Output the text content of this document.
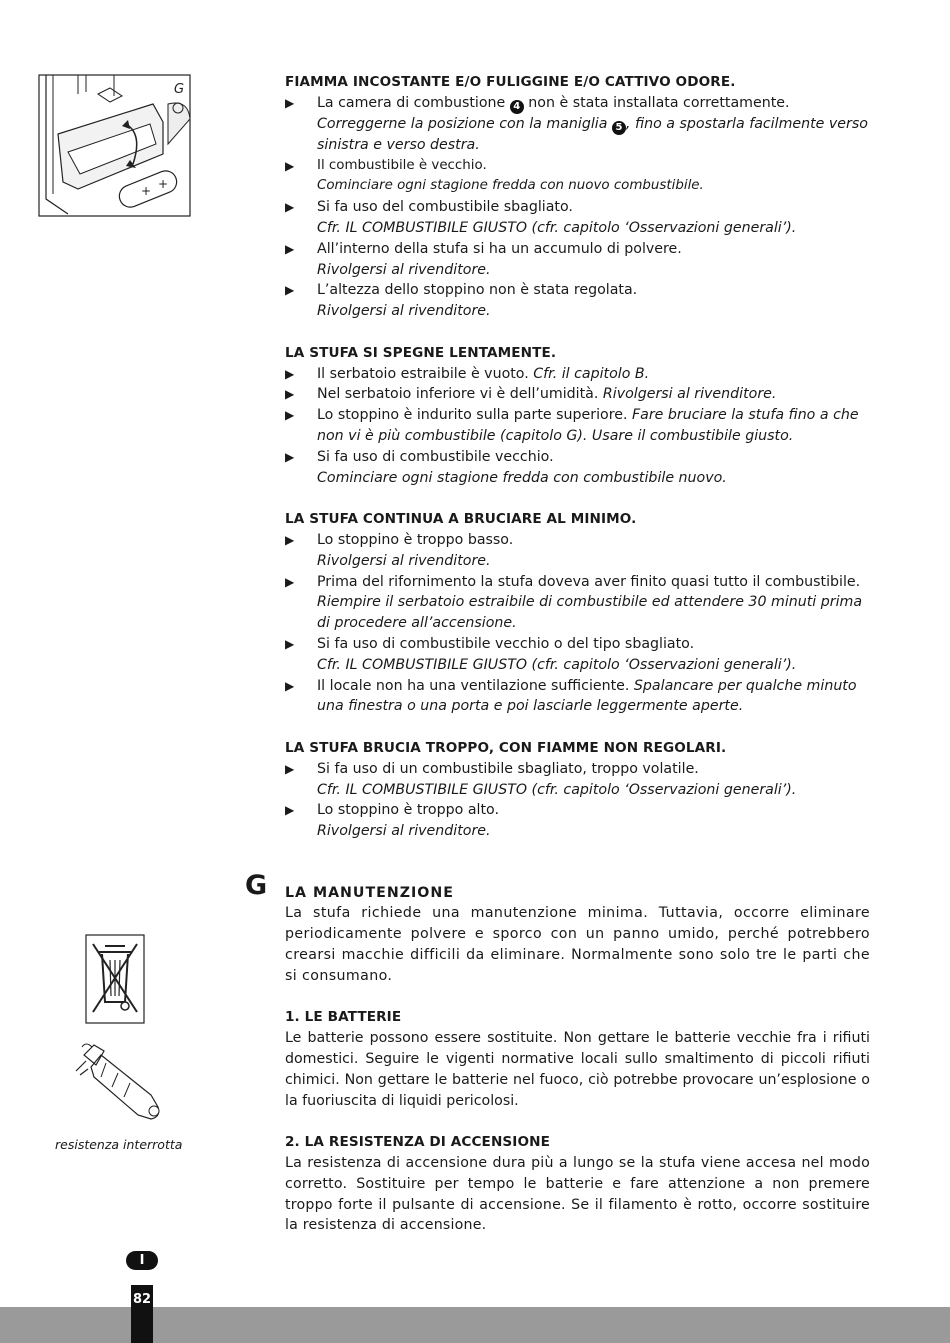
+ +
G
resistenza interrotta
FIAMMA INCOSTANTE E/O FULIGGINE E/O CATTIVO ODORE.
▶ La camera di combustione 4 non è stata installata correttamente.
Correggerne la posizione con la maniglia 5 , fino a spostarla facilmente verso sinistra e verso destra.
▶ Il combustibile è vecchio.
Cominciare ogni stagione fredda con nuovo combustibile.
▶ Si fa uso del combustibile sbagliato.
Cfr. IL COMBUSTIBILE GIUSTO (cfr. capitolo ‘Osservazioni generali’).
▶ All’interno della stufa si ha un accumulo di polvere.
Rivolgersi al rivenditore.
▶ L’altezza dello stoppino non è stata regolata.
Rivolgersi al rivenditore.
LA STUFA SI SPEGNE LENTAMENTE.
▶ Il serbatoio estraibile è vuoto. Cfr. il capitolo B.
▶ Nel serbatoio inferiore vi è dell’umidità. Rivolgersi al rivenditore.
▶ Lo stoppino è indurito sulla parte superiore. Fare bruciare la stufa fino a che non vi è più combustibile (capitolo G). Usare il combustibile giusto.
▶ Si fa uso di combustibile vecchio.
Cominciare ogni stagione fredda con combustibile nuovo.
LA STUFA CONTINUA A BRUCIARE AL MINIMO.
▶ Lo stoppino è troppo basso.
Rivolgersi al rivenditore.
▶ Prima del rifornimento la stufa doveva aver finito quasi tutto il combustibile.
Riempire il serbatoio estraibile di combustibile ed attendere 30 minuti prima di procedere all’accensione.
▶ Si fa uso di combustibile vecchio o del tipo sbagliato.
Cfr. IL COMBUSTIBILE GIUSTO (cfr. capitolo ‘Osservazioni generali’).
▶ Il locale non ha una ventilazione sufficiente. Spalancare per qualche minuto una finestra o una porta e poi lasciarle leggermente aperte.
LA STUFA BRUCIA TROPPO, CON FIAMME NON REGOLARI.
▶ Si fa uso di un combustibile sbagliato, troppo volatile.
Cfr. IL COMBUSTIBILE GIUSTO (cfr. capitolo ‘Osservazioni generali’).
▶ Lo stoppino è troppo alto.
Rivolgersi al rivenditore.
LA MANUTENZIONE
La stufa richiede una manutenzione minima. Tuttavia, occorre eliminare periodicamente polvere e sporco con un panno umido, perché potrebbero crearsi macchie difficili da eliminare. Normalmente sono solo tre le parti che si consumano.
1. LE BATTERIE
Le batterie possono essere sostituite. Non gettare le batterie vecchie fra i rifiuti domestici. Seguire le vigenti normative locali sullo smaltimento di piccoli rifiuti chimici. Non gettare le batterie nel fuoco, ciò potrebbe provocare un’esplosione o la fuoriuscita di liquidi pericolosi.
2. LA RESISTENZA DI ACCENSIONE
La resistenza di accensione dura più a lungo se la stufa viene accesa nel modo corretto. Sostituire per tempo le batterie e fare attenzione a non premere troppo forte il pulsante di accensione. Se il filamento è rotto, occorre sostituire la resistenza di accensione.
G
I
82
